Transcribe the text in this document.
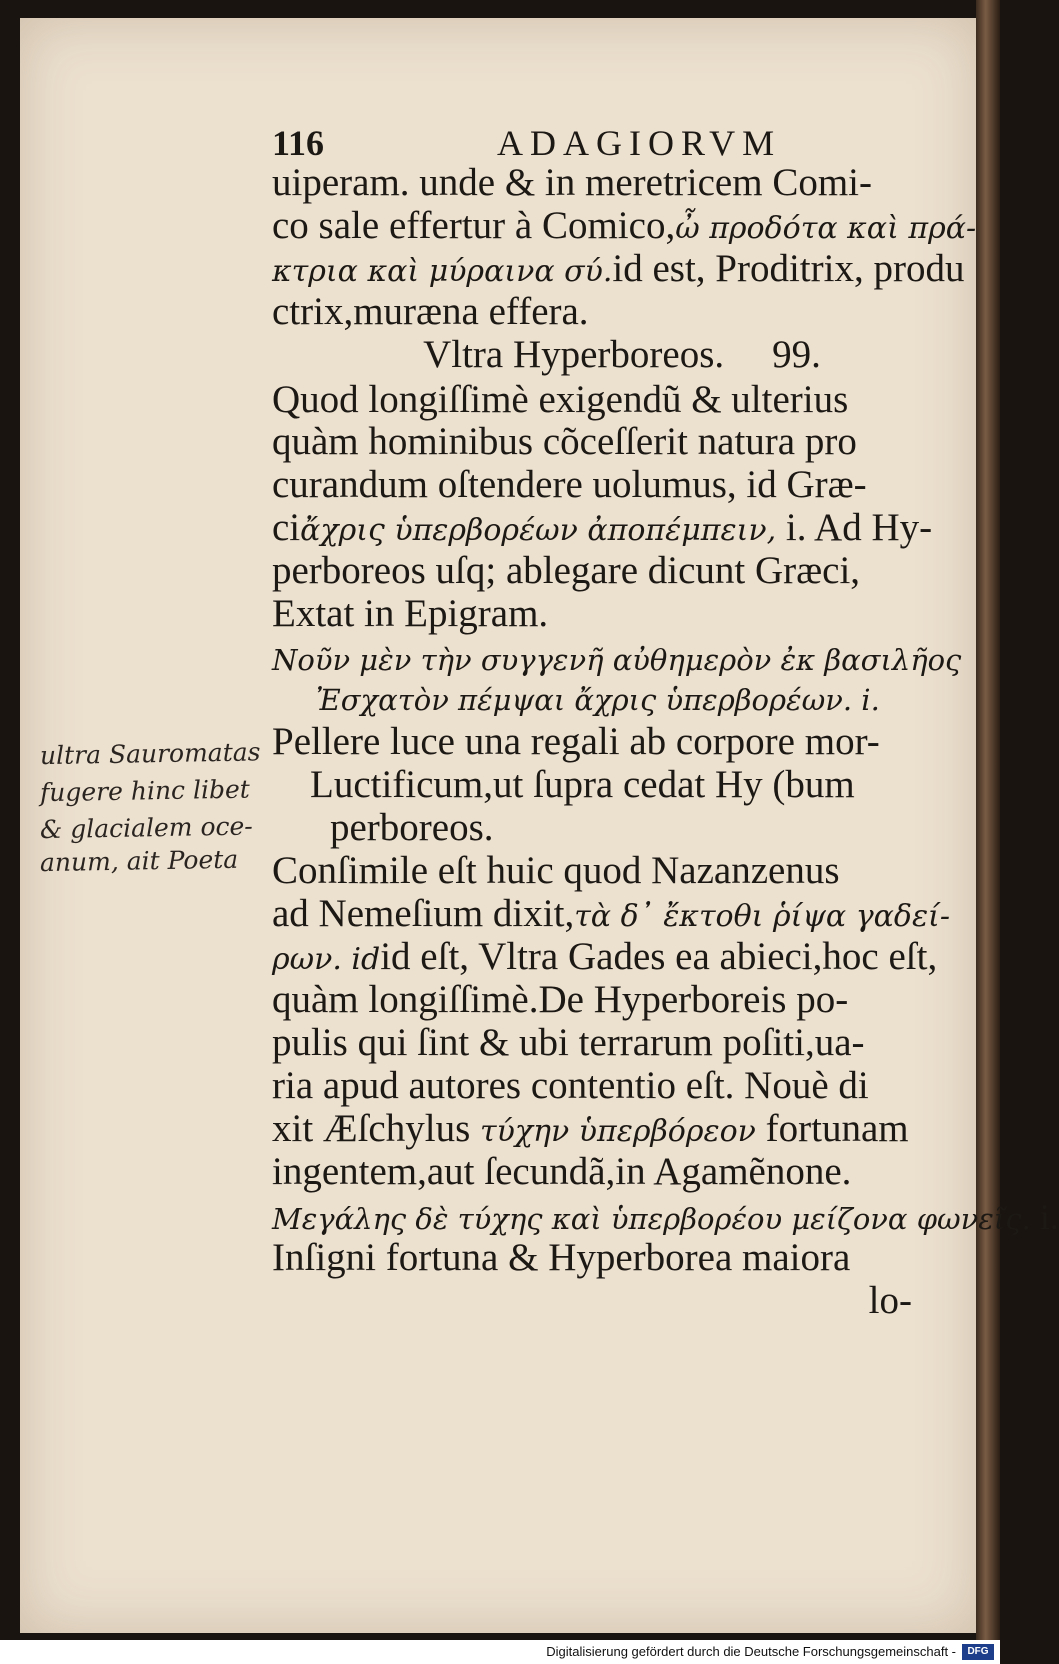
116	ADAGIORVM
uiperam. unde & in meretricem Comi-
co sale effertur à Comico,ὦ προδότα καὶ πρά-
κτρια καὶ μύραινα σύ.id est, Proditrix, produ
ctrix,muræna effera.
Vltra Hyperboreos. 99.
Quod longiſſimè exigendũ & ulterius
quàm hominibus cõceſſerit natura pro
curandum oſtendere uolumus, id Græ-
ciἄχρις ὑπερβορέων ἀποπέμπειν, i. Ad Hy-
perboreos uſq; ablegare dicunt Græci,
Extat in Epigram.
Νοῦν μὲν τὴν συγγενῆ αὐθημερὸν ἐκ βασιλῆος
Ἐσχατὸν πέμψαι ἄχρις ὑπερβορέων. i.
Pellere luce una regali ab corpore mor-
Luctificum,ut ſupra cedat Hy (bum
perboreos.
Conſimile eſt huic quod Nazanzenus
ad Nemeſium dixit,τὰ δ᾽ ἔκτοθι ῥίψα γαδεί-
ρων. idid eſt, Vltra Gades ea abieci,hoc eſt,
quàm longiſſimè.De Hyperboreis po-
pulis qui ſint & ubi terrarum poſiti,ua-
ria apud autores contentio eſt. Nouè di
xit Æſchylus τύχην ὑπερβόρεον fortunam
ingentem,aut ſecundã,in Agamẽnone.
Μεγάλης δὲ τύχης καὶ ὑπερβορέου μείζονα φωνεῖς. i.
Inſigni fortuna & Hyperborea maiora
lo-
ultra Sauromatas
fugere hinc libet
& glacialem oce-
anum, ait Poeta
Digitalisierung gefördert durch die Deutsche Forschungsgemeinschaft -	DFG
